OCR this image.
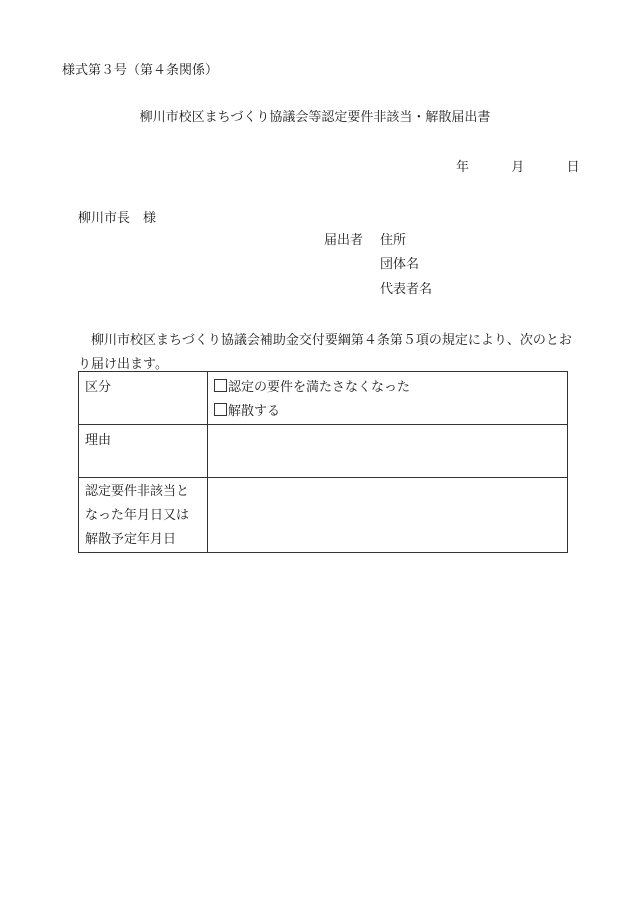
様式第３号（第４条関係）
柳川市校区まちづくり協議会等認定要件非該当・解散届出書
年	月	日
柳川市長　様
届出者 住所
団体名
代表者名
柳川市校区まちづくり協議会補助金交付要綱第４条第５項の規定により、次のとおり届け出ます。
区分	認定の要件を満たさなくなった
解散する

理由	

認定要件非該当と
なった年月日又は
解散予定年月日	
